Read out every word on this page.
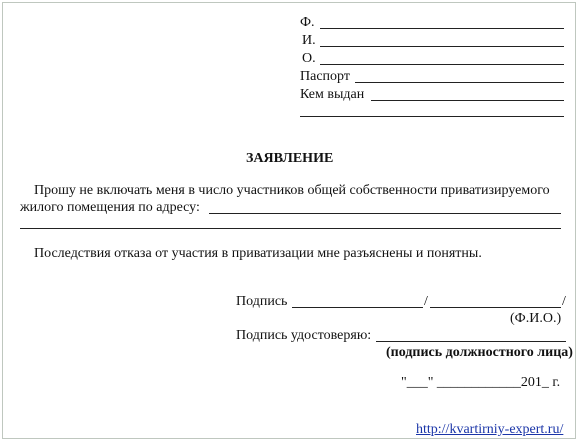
Ф.
И.
О.
Паспорт
Кем выдан
ЗАЯВЛЕНИЕ
Прошу не включать меня в число участников общей собственности приватизируемого
жилого помещения по адресу:
Последствия отказа от участия в приватизации мне разъяснены и понятны.
Подпись	/	/
(Ф.И.О.)
Подпись удостоверяю:
(подпись должностного лица)
"___" ____________201_ г.
http://kvartirniy-expert.ru/
